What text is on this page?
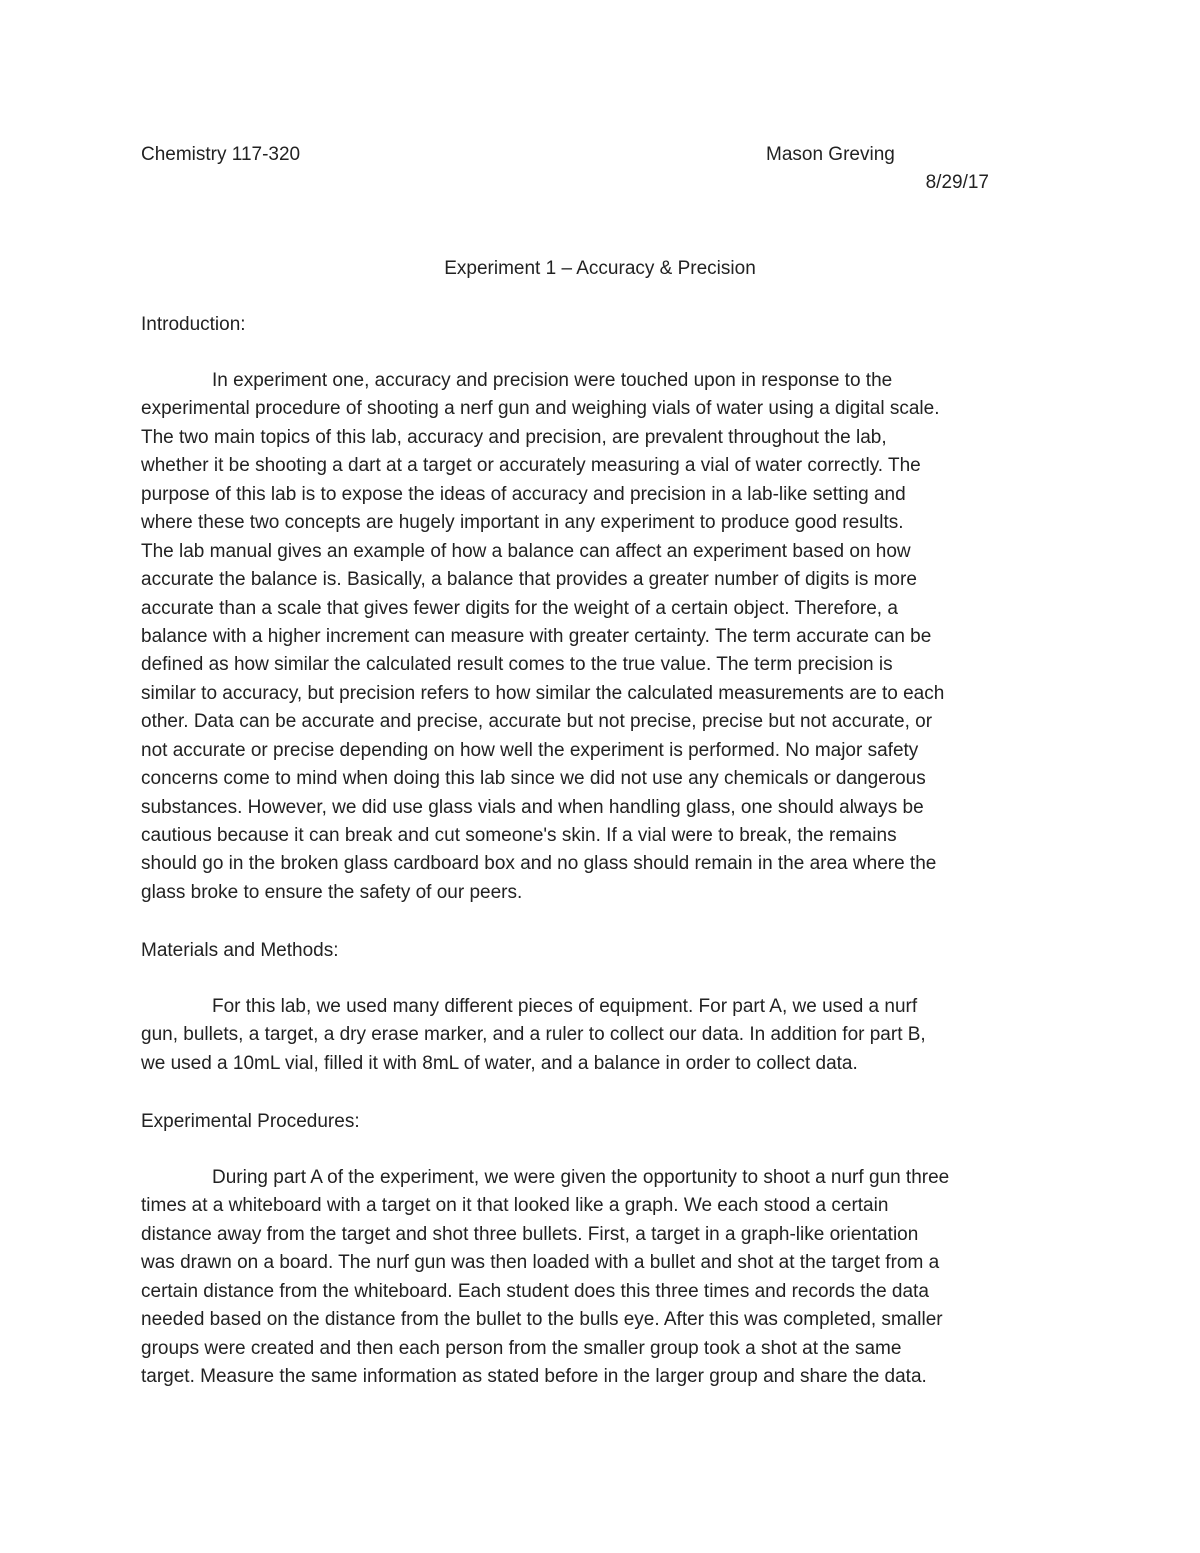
Chemistry 117-320	Mason Greving
8/29/17
Experiment 1 – Accuracy & Precision
Introduction:
In experiment one, accuracy and precision were touched upon in response to the
experimental procedure of shooting a nerf gun and weighing vials of water using a digital scale.
The two main topics of this lab, accuracy and precision, are prevalent throughout the lab,
whether it be shooting a dart at a target or accurately measuring a vial of water correctly. The
purpose of this lab is to expose the ideas of accuracy and precision in a lab-like setting and
where these two concepts are hugely important in any experiment to produce good results.
The lab manual gives an example of how a balance can affect an experiment based on how
accurate the balance is. Basically, a balance that provides a greater number of digits is more
accurate than a scale that gives fewer digits for the weight of a certain object. Therefore, a
balance with a higher increment can measure with greater certainty. The term accurate can be
defined as how similar the calculated result comes to the true value. The term precision is
similar to accuracy, but precision refers to how similar the calculated measurements are to each
other. Data can be accurate and precise, accurate but not precise, precise but not accurate, or
not accurate or precise depending on how well the experiment is performed. No major safety
concerns come to mind when doing this lab since we did not use any chemicals or dangerous
substances. However, we did use glass vials and when handling glass, one should always be
cautious because it can break and cut someone's skin. If a vial were to break, the remains
should go in the broken glass cardboard box and no glass should remain in the area where the
glass broke to ensure the safety of our peers.
Materials and Methods:
For this lab, we used many different pieces of equipment. For part A, we used a nurf
gun, bullets, a target, a dry erase marker, and a ruler to collect our data. In addition for part B,
we used a 10mL vial, filled it with 8mL of water, and a balance in order to collect data.
Experimental Procedures:
During part A of the experiment, we were given the opportunity to shoot a nurf gun three
times at a whiteboard with a target on it that looked like a graph. We each stood a certain
distance away from the target and shot three bullets. First, a target in a graph-like orientation
was drawn on a board. The nurf gun was then loaded with a bullet and shot at the target from a
certain distance from the whiteboard. Each student does this three times and records the data
needed based on the distance from the bullet to the bulls eye. After this was completed, smaller
groups were created and then each person from the smaller group took a shot at the same
target. Measure the same information as stated before in the larger group and share the data.
